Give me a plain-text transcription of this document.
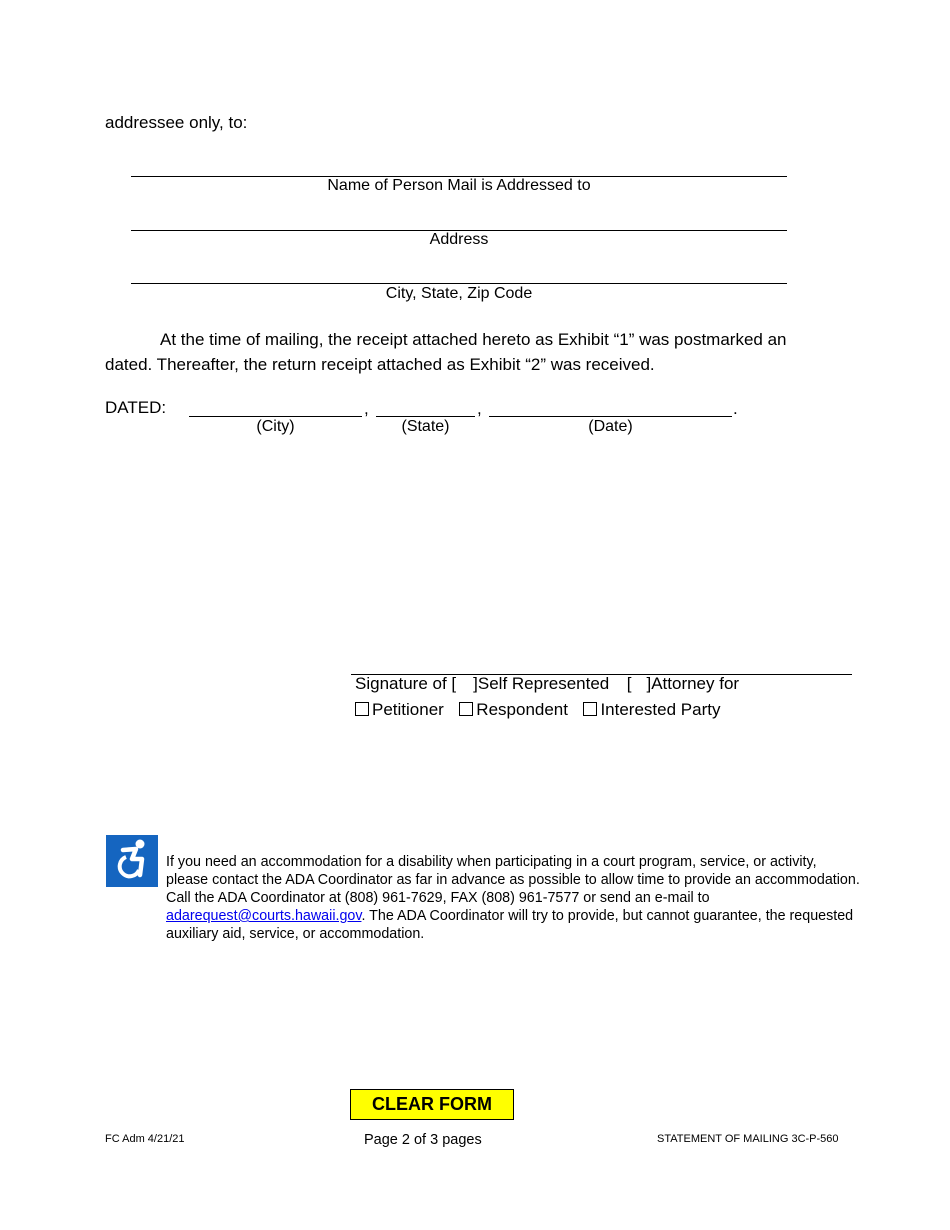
addressee only, to:
Name of Person Mail is Addressed to
Address
City, State, Zip Code
At the time of mailing, the receipt attached hereto as Exhibit “1” was postmarked an
dated. Thereafter, the return receipt attached as Exhibit “2” was received.
DATED:	,	,	.
(City)	(State)	(Date)
Signature of [ ]Self Represented [ ]Attorney for
Petitioner Respondent Interested Party
If you need an accommodation for a disability when participating in a court program, service, or activity,
please contact the ADA Coordinator as far in advance as possible to allow time to provide an accommodation.
Call the ADA Coordinator at (808) 961-7629, FAX (808) 961-7577 or send an e-mail to
adarequest@courts.hawaii.gov. The ADA Coordinator will try to provide, but cannot guarantee, the requested
auxiliary aid, service, or accommodation.
CLEAR FORM
FC Adm 4/21/21	Page 2 of 3 pages	STATEMENT OF MAILING 3C-P-560
